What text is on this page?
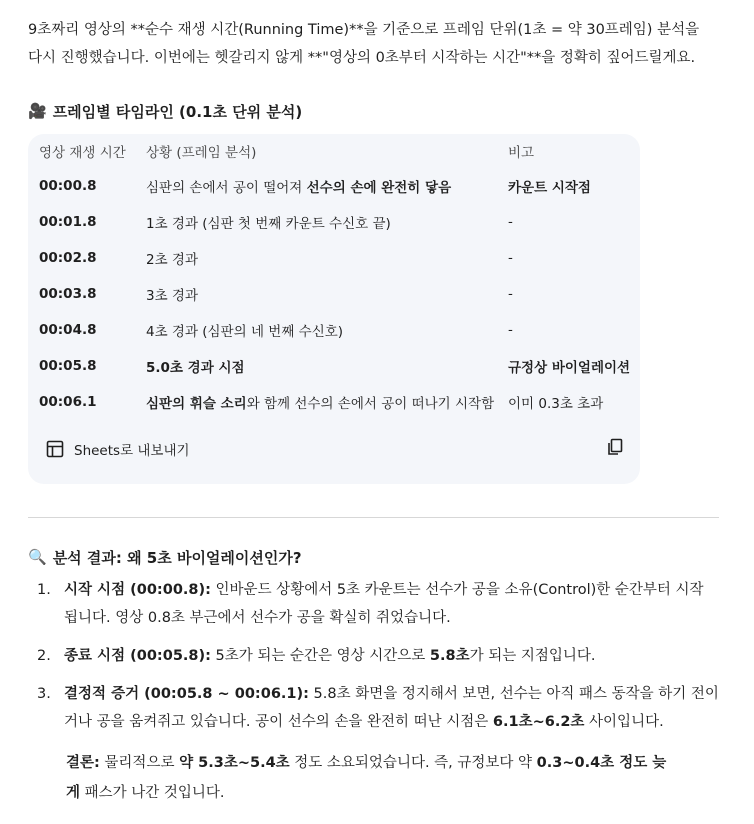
9초짜리 영상의 **순수 재생 시간(Running Time)**을 기준으로 프레임 단위(1초 = 약 30프레임) 분석을
다시 진행했습니다. 이번에는 헷갈리지 않게 **"영상의 0초부터 시작하는 시간"**을 정확히 짚어드릴게요.

🎥 프레임별 타임라인 (0.1초 단위 분석)
영상 재생 시간	상황 (프레임 분석)	비고
00:00.8	심판의 손에서 공이 떨어져 선수의 손에 완전히 닿음	카운트 시작점
00:01.8	1초 경과 (심판 첫 번째 카운트 수신호 끝)	-
00:02.8	2초 경과	-
00:03.8	3초 경과	-
00:04.8	4초 경과 (심판의 네 번째 수신호)	-
00:05.8	5.0초 경과 시점	규정상 바이얼레이션
00:06.1	심판의 휘슬 소리와 함께 선수의 손에서 공이 떠나기 시작함	이미 0.3초 초과
Sheets로 내보내기
🔍 분석 결과: 왜 5초 바이얼레이션인가?
1. 시작 시점 (00:00.8): 인바운드 상황에서 5초 카운트는 선수가 공을 소유(Control)한 순간부터 시작
됩니다. 영상 0.8초 부근에서 선수가 공을 확실히 쥐었습니다.
2. 종료 시점 (00:05.8): 5초가 되는 순간은 영상 시간으로 5.8초가 되는 지점입니다.
3. 결정적 증거 (00:05.8 ~ 00:06.1): 5.8초 화면을 정지해서 보면, 선수는 아직 패스 동작을 하기 전이
거나 공을 움켜쥐고 있습니다. 공이 선수의 손을 완전히 떠난 시점은 6.1초~6.2초 사이입니다.

결론: 물리적으로 약 5.3초~5.4초 정도 소요되었습니다. 즉, 규정보다 약 0.3~0.4초 정도 늦
게 패스가 나간 것입니다.
